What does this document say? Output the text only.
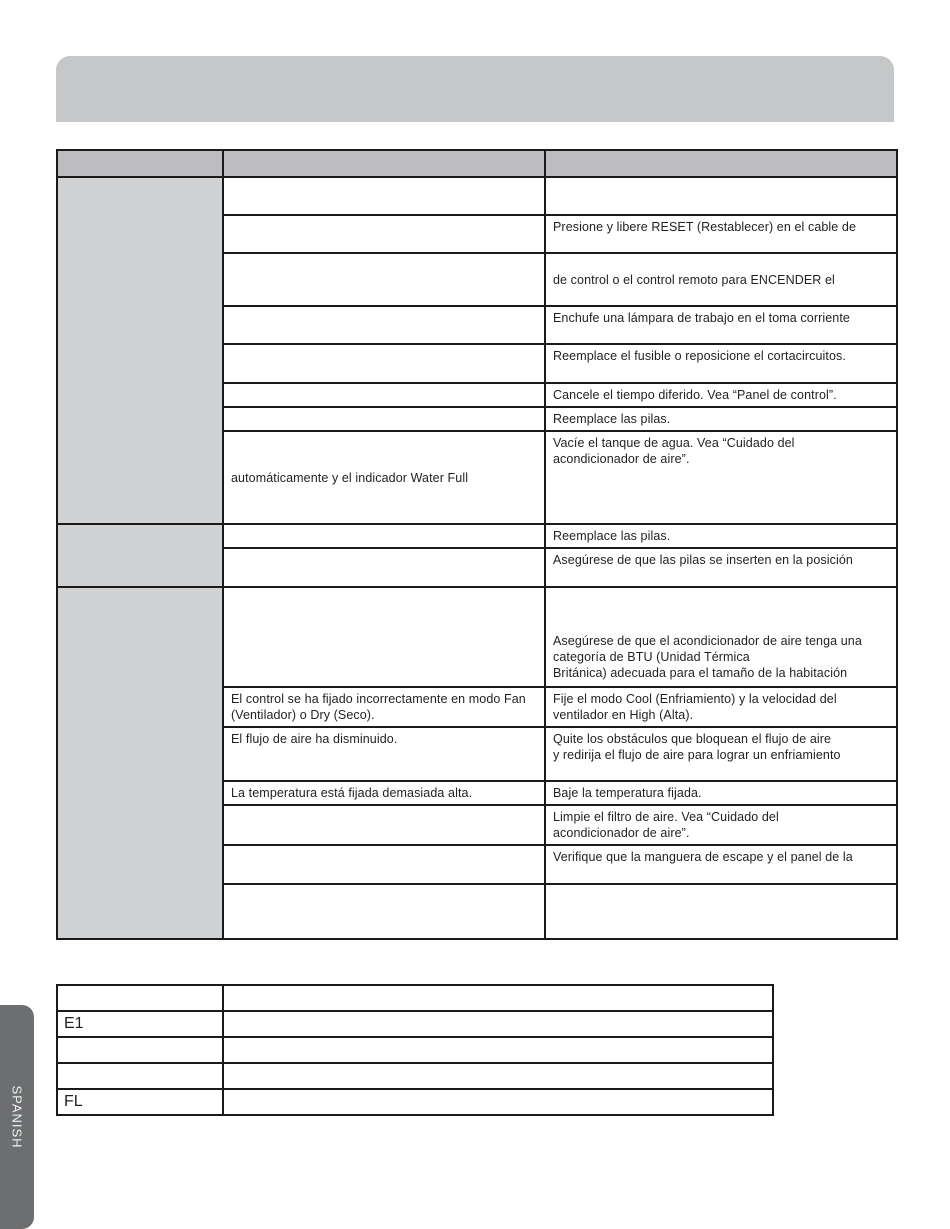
		Presione y libere RESET (Restablecer) en el cable de

		de control o el control remoto para ENCENDER el

		Enchufe una lámpara de trabajo en el toma corriente

		Reemplace el fusible o reposicione el cortacircuitos.

		Cancele el tiempo diferido. Vea “Panel de control”.

		Reemplace las pilas.

	automáticamente y el indicador Water Full	Vacíe el tanque de agua. Vea “Cuidado del
acondicionador de aire”.

		Reemplace las pilas.

		Asegúrese de que las pilas se inserten en la posición

		Asegúrese de que el acondicionador de aire tenga una
categoría de BTU (Unidad Térmica
Británica) adecuada para el tamaño de la habitación

	El control se ha fijado incorrectamente en modo Fan (Ventilador) o Dry (Seco).	Fije el modo Cool (Enfriamiento) y la velocidad del
ventilador en High (Alta).

	El flujo de aire ha disminuido.	Quite los obstáculos que bloquean el flujo de aire
y redirija el flujo de aire para lograr un enfriamiento

	La temperatura está fijada demasiada alta.	Baje la temperatura fijada.

		Limpie el filtro de aire. Vea “Cuidado del
acondicionador de aire”.

		Verifique que la manguera de escape y el panel de la

E1	

FL	
SPANISH
